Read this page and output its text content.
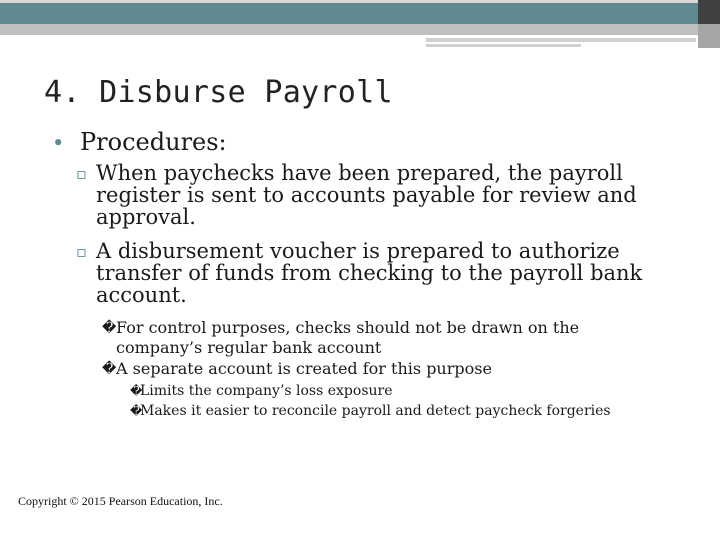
4. Disburse Payroll
• Procedures:
▫ When paychecks have been prepared, the payroll register is sent to accounts payable for review and approval.
▫ A disbursement voucher is prepared to authorize transfer of funds from checking to the payroll bank account.
� For control purposes, checks should not be drawn on the company’s regular bank account
� A separate account is created for this purpose
�
Limits the company’s loss exposure
�
Makes it easier to reconcile payroll and detect paycheck forgeries
Copyright © 2015 Pearson Education, Inc.
